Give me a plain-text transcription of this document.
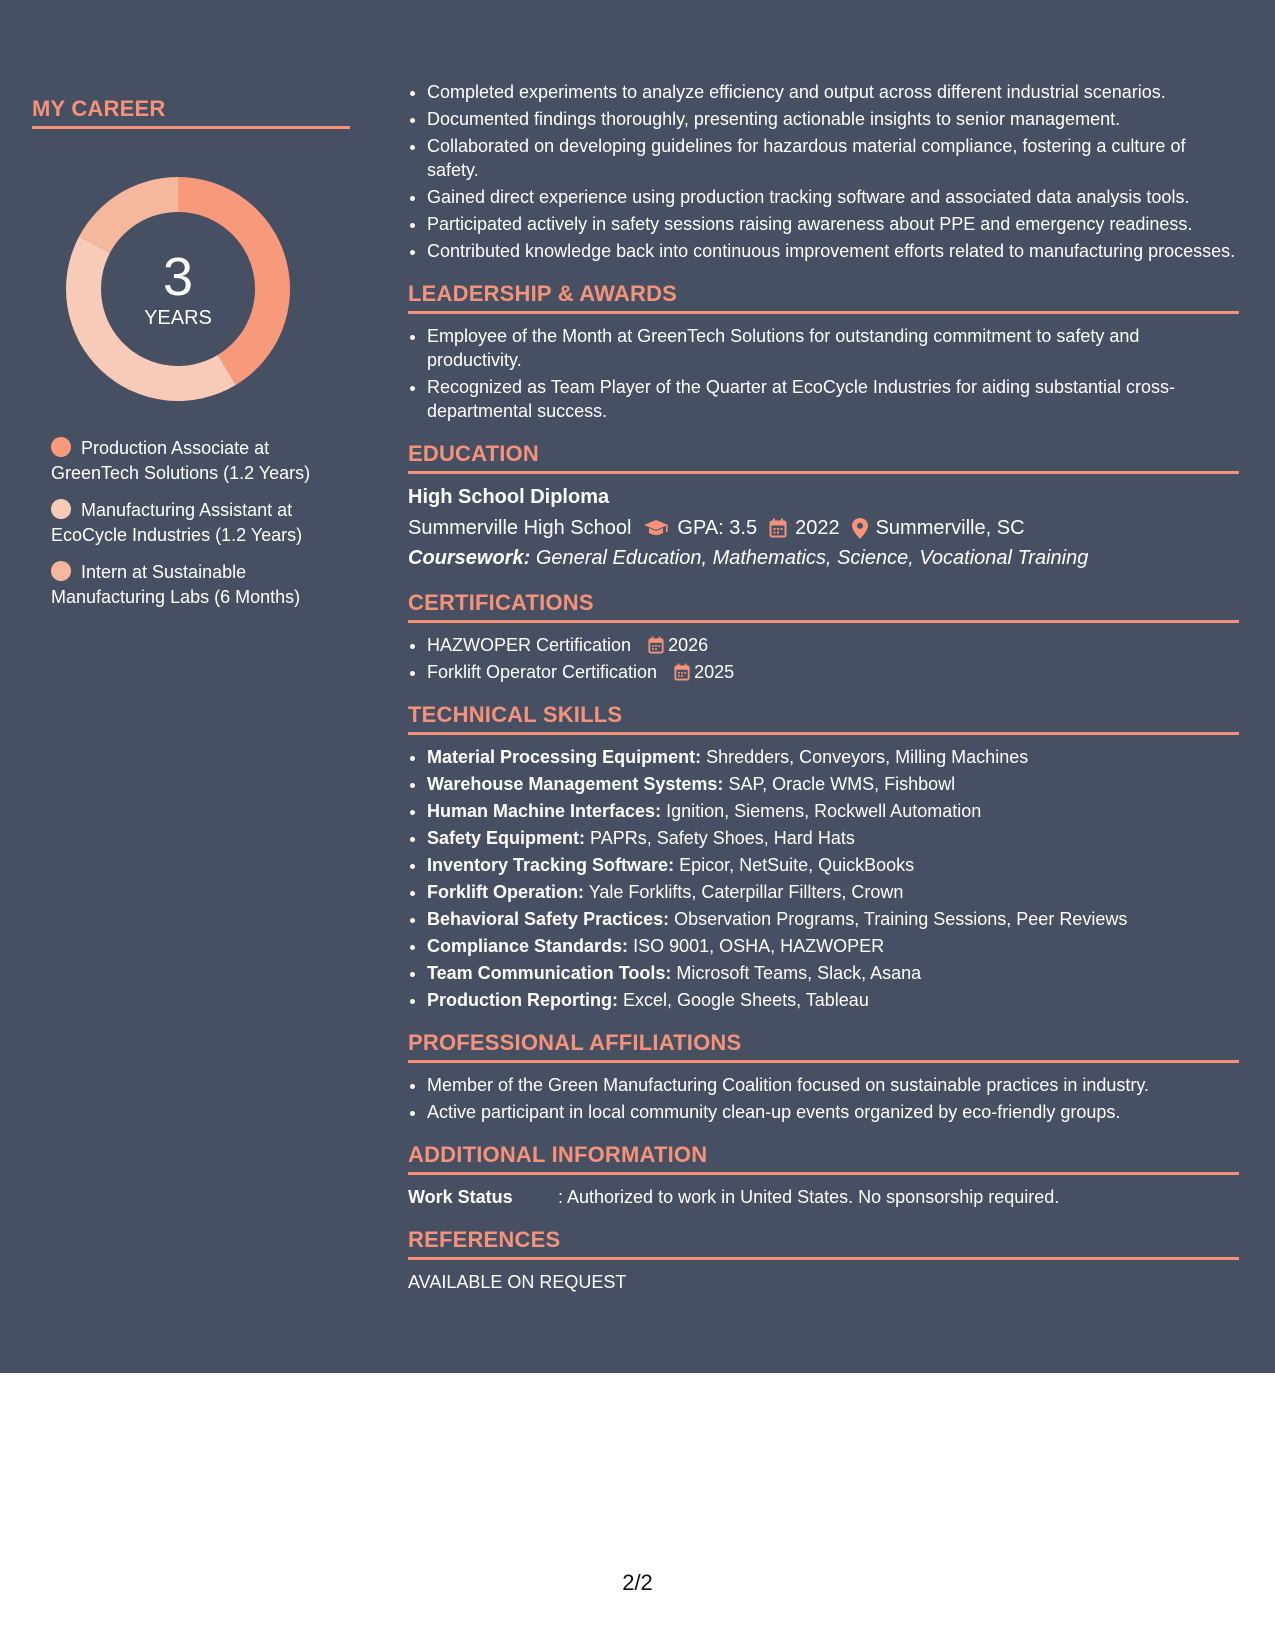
MY CAREER
3
YEARS
Production Associate at GreenTech Solutions (1.2 Years)
Manufacturing Assistant at EcoCycle Industries (1.2 Years)
Intern at Sustainable Manufacturing Labs (6 Months)
• Completed experiments to analyze efficiency and output across different industrial scenarios.
• Documented findings thoroughly, presenting actionable insights to senior management.
• Collaborated on developing guidelines for hazardous material compliance, fostering a culture of safety.
• Gained direct experience using production tracking software and associated data analysis tools.
• Participated actively in safety sessions raising awareness about PPE and emergency readiness.
• Contributed knowledge back into continuous improvement efforts related to manufacturing processes.
LEADERSHIP & AWARDS
• Employee of the Month at GreenTech Solutions for outstanding commitment to safety and productivity.
• Recognized as Team Player of the Quarter at EcoCycle Industries for aiding substantial cross-departmental success.
EDUCATION
High School Diploma
Summerville High School GPA: 3.5 2022 Summerville, SC
Coursework: General Education, Mathematics, Science, Vocational Training
CERTIFICATIONS
• HAZWOPER Certification 2026
• Forklift Operator Certification 2025
TECHNICAL SKILLS
• Material Processing Equipment: Shredders, Conveyors, Milling Machines
• Warehouse Management Systems: SAP, Oracle WMS, Fishbowl
• Human Machine Interfaces: Ignition, Siemens, Rockwell Automation
• Safety Equipment: PAPRs, Safety Shoes, Hard Hats
• Inventory Tracking Software: Epicor, NetSuite, QuickBooks
• Forklift Operation: Yale Forklifts, Caterpillar Fillters, Crown
• Behavioral Safety Practices: Observation Programs, Training Sessions, Peer Reviews
• Compliance Standards: ISO 9001, OSHA, HAZWOPER
• Team Communication Tools: Microsoft Teams, Slack, Asana
• Production Reporting: Excel, Google Sheets, Tableau
PROFESSIONAL AFFILIATIONS
• Member of the Green Manufacturing Coalition focused on sustainable practices in industry.
• Active participant in local community clean-up events organized by eco-friendly groups.
ADDITIONAL INFORMATION
Work Status	: Authorized to work in United States. No sponsorship required.
REFERENCES
AVAILABLE ON REQUEST
2/2
